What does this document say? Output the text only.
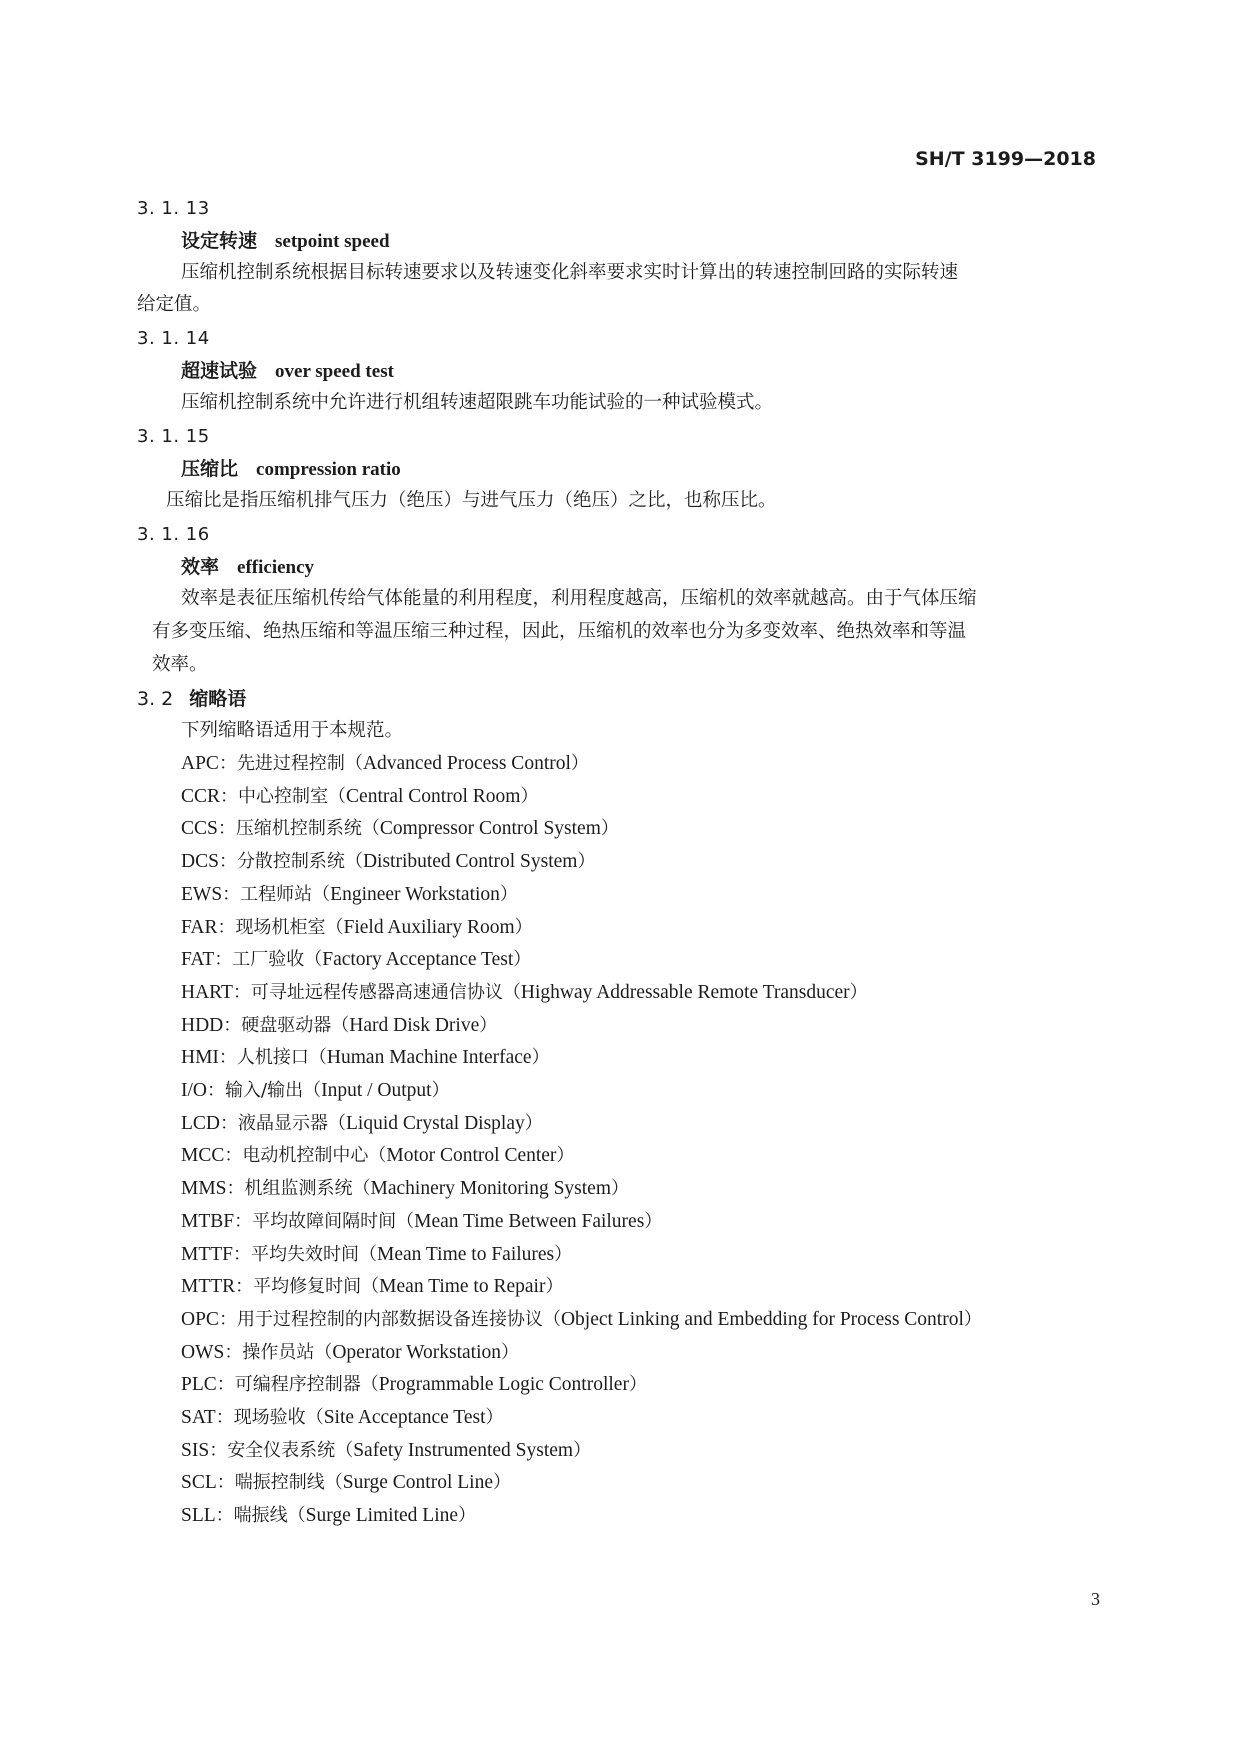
SH/T 3199—2018
3. 1. 13
设定转速 setpoint speed
压缩机控制系统根据目标转速要求以及转速变化斜率要求实时计算出的转速控制回路的实际转速
给定值。
3. 1. 14
超速试验 over speed test
压缩机控制系统中允许进行机组转速超限跳车功能试验的一种试验模式。
3. 1. 15
压缩比 compression ratio
压缩比是指压缩机排气压力（绝压）与进气压力（绝压）之比，也称压比。
3. 1. 16
效率 efficiency
效率是表征压缩机传给气体能量的利用程度，利用程度越高，压缩机的效率就越高。由于气体压缩
有多变压缩、绝热压缩和等温压缩三种过程，因此，压缩机的效率也分为多变效率、绝热效率和等温
效率。
3. 2 缩略语
下列缩略语适用于本规范。
APC：先进过程控制（Advanced Process Control）
CCR：中心控制室（Central Control Room）
CCS：压缩机控制系统（Compressor Control System）
DCS：分散控制系统（Distributed Control System）
EWS：工程师站（Engineer Workstation）
FAR：现场机柜室（Field Auxiliary Room）
FAT：工厂验收（Factory Acceptance Test）
HART：可寻址远程传感器高速通信协议（Highway Addressable Remote Transducer）
HDD：硬盘驱动器（Hard Disk Drive）
HMI：人机接口（Human Machine Interface）
I/O：输入/输出（Input / Output）
LCD：液晶显示器（Liquid Crystal Display）
MCC：电动机控制中心（Motor Control Center）
MMS：机组监测系统（Machinery Monitoring System）
MTBF：平均故障间隔时间（Mean Time Between Failures）
MTTF：平均失效时间（Mean Time to Failures）
MTTR：平均修复时间（Mean Time to Repair）
OPC：用于过程控制的内部数据设备连接协议（Object Linking and Embedding for Process Control）
OWS：操作员站（Operator Workstation）
PLC：可编程序控制器（Programmable Logic Controller）
SAT：现场验收（Site Acceptance Test）
SIS：安全仪表系统（Safety Instrumented System）
SCL：喘振控制线（Surge Control Line）
SLL：喘振线（Surge Limited Line）
3
